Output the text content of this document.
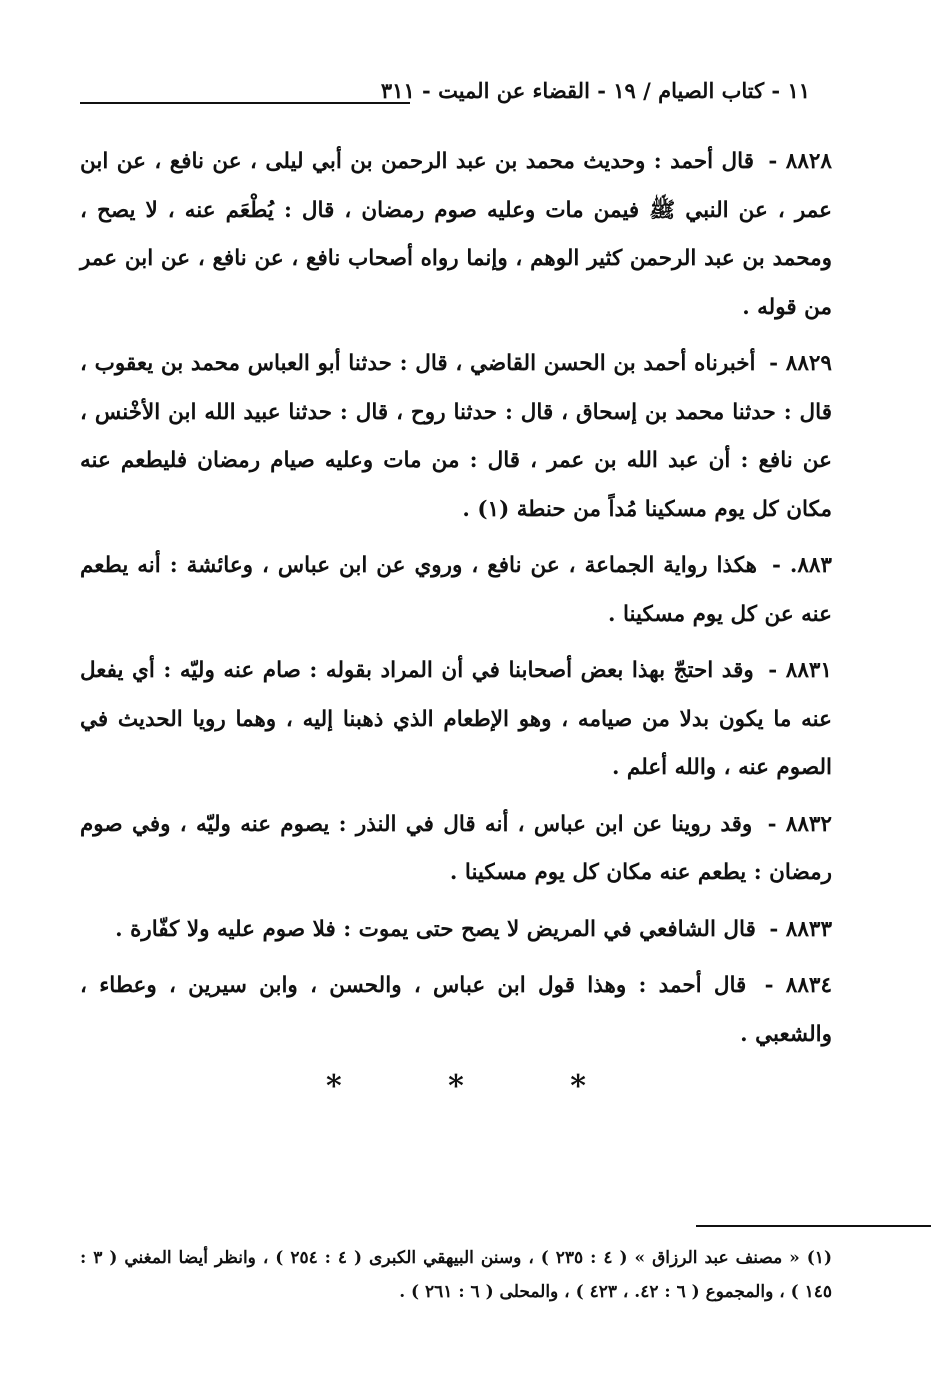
١١ - كتاب الصيام / ١٩ - القضاء عن الميت - ٣١١

٨٨٢٨ - قال أحمد : وحديث محمد بن عبد الرحمن بن أبي ليلى ، عن نافع ، عن ابن عمر ، عن النبي ﷺ فيمن مات وعليه صوم رمضان ، قال : يُطْعَم عنه ، لا يصح ، ومحمد بن عبد الرحمن كثير الوهم ، وإنما رواه أصحاب نافع ، عن نافع ، عن ابن عمر من قوله .

٨٨٢٩ - أخبرناه أحمد بن الحسن القاضي ، قال : حدثنا أبو العباس محمد بن يعقوب ، قال : حدثنا محمد بن إسحاق ، قال : حدثنا روح ، قال : حدثنا عبيد الله ابن الأخْنس ، عن نافع : أن عبد الله بن عمر ، قال : من مات وعليه صيام رمضان فليطعم عنه مكان كل يوم مسكينا مُداً من حنطة (١) .

٨٨٣. - هكذا رواية الجماعة ، عن نافع ، وروي عن ابن عباس ، وعائشة : أنه يطعم عنه عن كل يوم مسكينا .

٨٨٣١ - وقد احتجّ بهذا بعض أصحابنا في أن المراد بقوله : صام عنه وليّه : أي يفعل عنه ما يكون بدلا من صيامه ، وهو الإطعام الذي ذهبنا إليه ، وهما رويا الحديث في الصوم عنه ، والله أعلم .

٨٨٣٢ - وقد روينا عن ابن عباس ، أنه قال في النذر : يصوم عنه وليّه ، وفي صوم رمضان : يطعم عنه مكان كل يوم مسكينا .

٨٨٣٣ - قال الشافعي في المريض لا يصح حتى يموت : فلا صوم عليه ولا كفّارة .

٨٨٣٤ - قال أحمد : وهذا قول ابن عباس ، والحسن ، وابن سيرين ، وعطاء ، والشعبي .

* * *

(١) « مصنف عبد الرزاق » ( ٤ : ٢٣٥ ) ، وسنن البيهقي الكبرى ( ٤ : ٢٥٤ ) ، وانظر أيضا المغني ( ٣ : ١٤٥ ) ، والمجموع ( ٦ : ٤٢. ، ٤٢٣ ) ، والمحلى ( ٦ : ٢٦١ ) .
